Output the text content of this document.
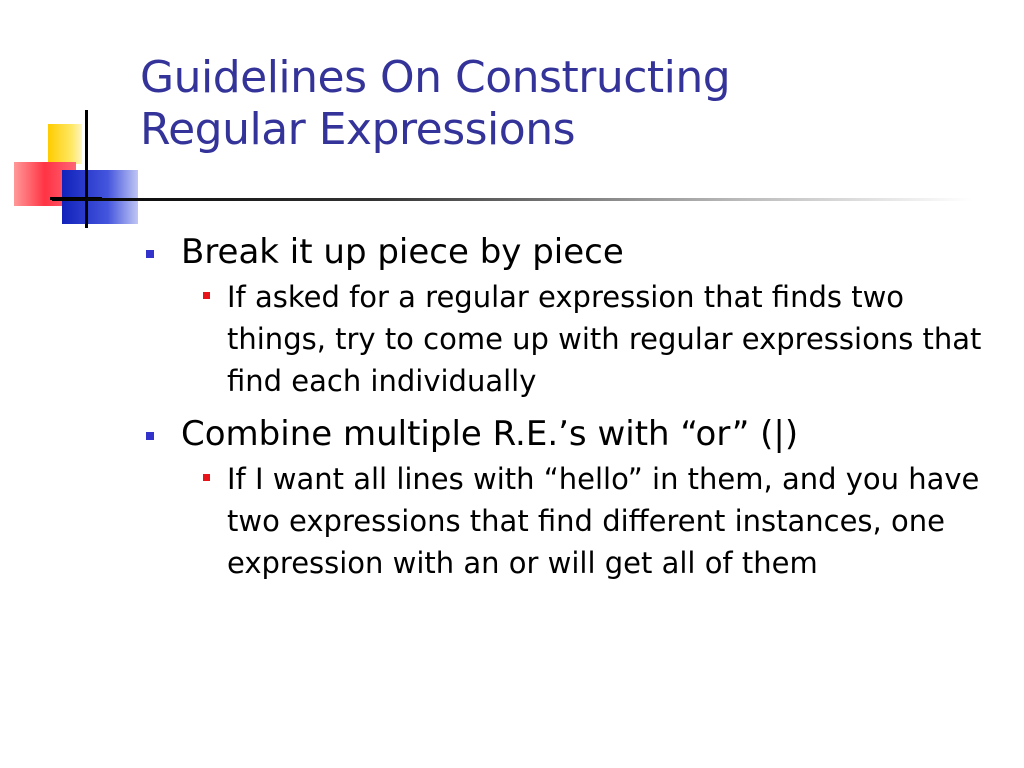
Guidelines On Constructing
Regular Expressions
Break it up piece by piece
If asked for a regular expression that finds two things, try to come up with regular expressions that find each individually
Combine multiple R.E.’s with “or” (|)
If I want all lines with “hello” in them, and you have two expressions that find different instances, one expression with an or will get all of them
